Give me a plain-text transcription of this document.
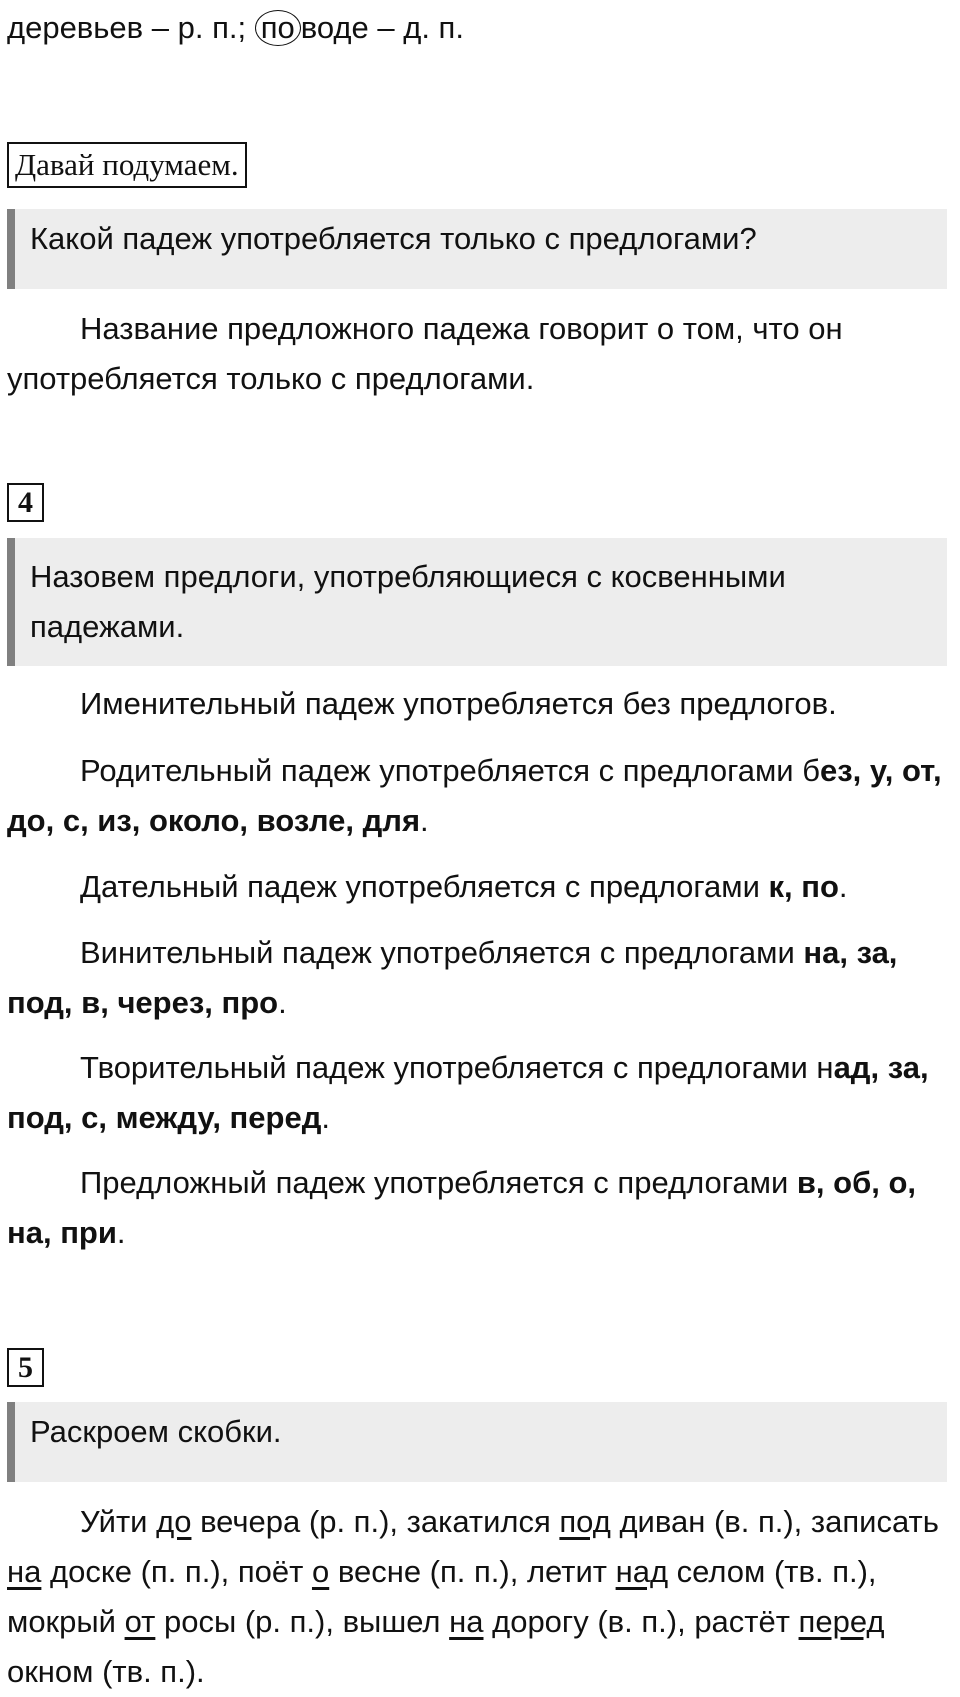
деревьев – р. п.; по воде – д. п.
Давай подумаем.
Какой падеж употребляется только с предлогами?
Название предложного падежа говорит о том, что он употребляется только с предлогами.
4
Назовем предлоги, употребляющиеся с косвенными падежами.
Именительный падеж употребляется без предлогов.
Родительный падеж употребляется с предлогами без, у, от, до, с, из, около, возле, для.
Дательный падеж употребляется с предлогами к, по.
Винительный падеж употребляется с предлогами на, за, под, в, через, про.
Творительный падеж употребляется с предлогами над, за, под, с, между, перед.
Предложный падеж употребляется с предлогами в, об, о, на, при.
5
Раскроем скобки.
Уйти до вечера (р. п.), закатился под диван (в. п.), записать на доске (п. п.), поёт о весне (п. п.), летит над селом (тв. п.), мокрый от росы (р. п.), вышел на дорогу (в. п.), растёт перед окном (тв. п.).
